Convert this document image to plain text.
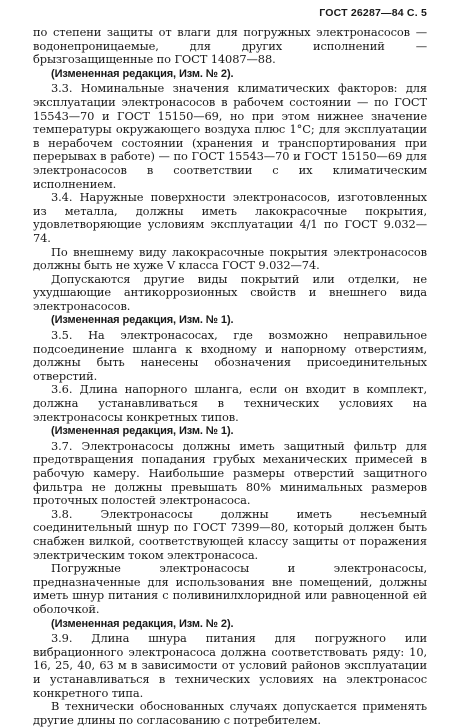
ГОСТ 26287—84 С. 5

по степени защиты от влаги для погружных электронасосов — водонепроницаемые, для других исполнений — брызгозащищенные по ГОСТ 14087—88.

(Измененная редакция, Изм. № 2).

3.3. Номинальные значения климатических факторов: для эксплуатации электронасосов в рабочем состоянии — по ГОСТ 15543—70 и ГОСТ 15150—69, но при этом нижнее значение температуры окружающего воздуха плюс 1°С; для эксплуатации в нерабочем состоянии (хранения и транспортирования при перерывах в работе) — по ГОСТ 15543—70 и ГОСТ 15150—69 для электронасосов в соответствии с их климатическим исполнением.

3.4. Наружные поверхности электронасосов, изготовленных из металла, должны иметь лакокрасочные покрытия, удовлетворяющие условиям эксплуатации 4/1 по ГОСТ 9.032—74.

По внешнему виду лакокрасочные покрытия электронасосов должны быть не хуже V класса ГОСТ 9.032—74.

Допускаются другие виды покрытий или отделки, не ухудшающие антикоррозионных свойств и внешнего вида электронасосов.

(Измененная редакция, Изм. № 1).

3.5. На электронасосах, где возможно неправильное подсоединение шланга к входному и напорному отверстиям, должны быть нанесены обозначения присоединительных отверстий.

3.6. Длина напорного шланга, если он входит в комплект, должна устанавливаться в технических условиях на электронасосы конкретных типов.

(Измененная редакция, Изм. № 1).

3.7. Электронасосы должны иметь защитный фильтр для предотвращения попадания грубых механических примесей в рабочую камеру. Наибольшие размеры отверстий защитного фильтра не должны превышать 80% минимальных размеров проточных полостей электронасоса.

3.8. Электронасосы должны иметь несъемный соединительный шнур по ГОСТ 7399—80, который должен быть снабжен вилкой, соответствующей классу защиты от поражения электрическим током электронасоса.

Погружные электронасосы и электронасосы, предназначенные для использования вне помещений, должны иметь шнур питания с поливинилхлоридной или равноценной ей оболочкой.

(Измененная редакция, Изм. № 2).

3.9. Длина шнура питания для погружного или вибрационного электронасоса должна соответствовать ряду: 10, 16, 25, 40, 63 м в зависимости от условий районов эксплуатации и устанавливаться в технических условиях на электронасос конкретного типа.

В технически обоснованных случаях допускается применять другие длины по согласованию с потребителем.
